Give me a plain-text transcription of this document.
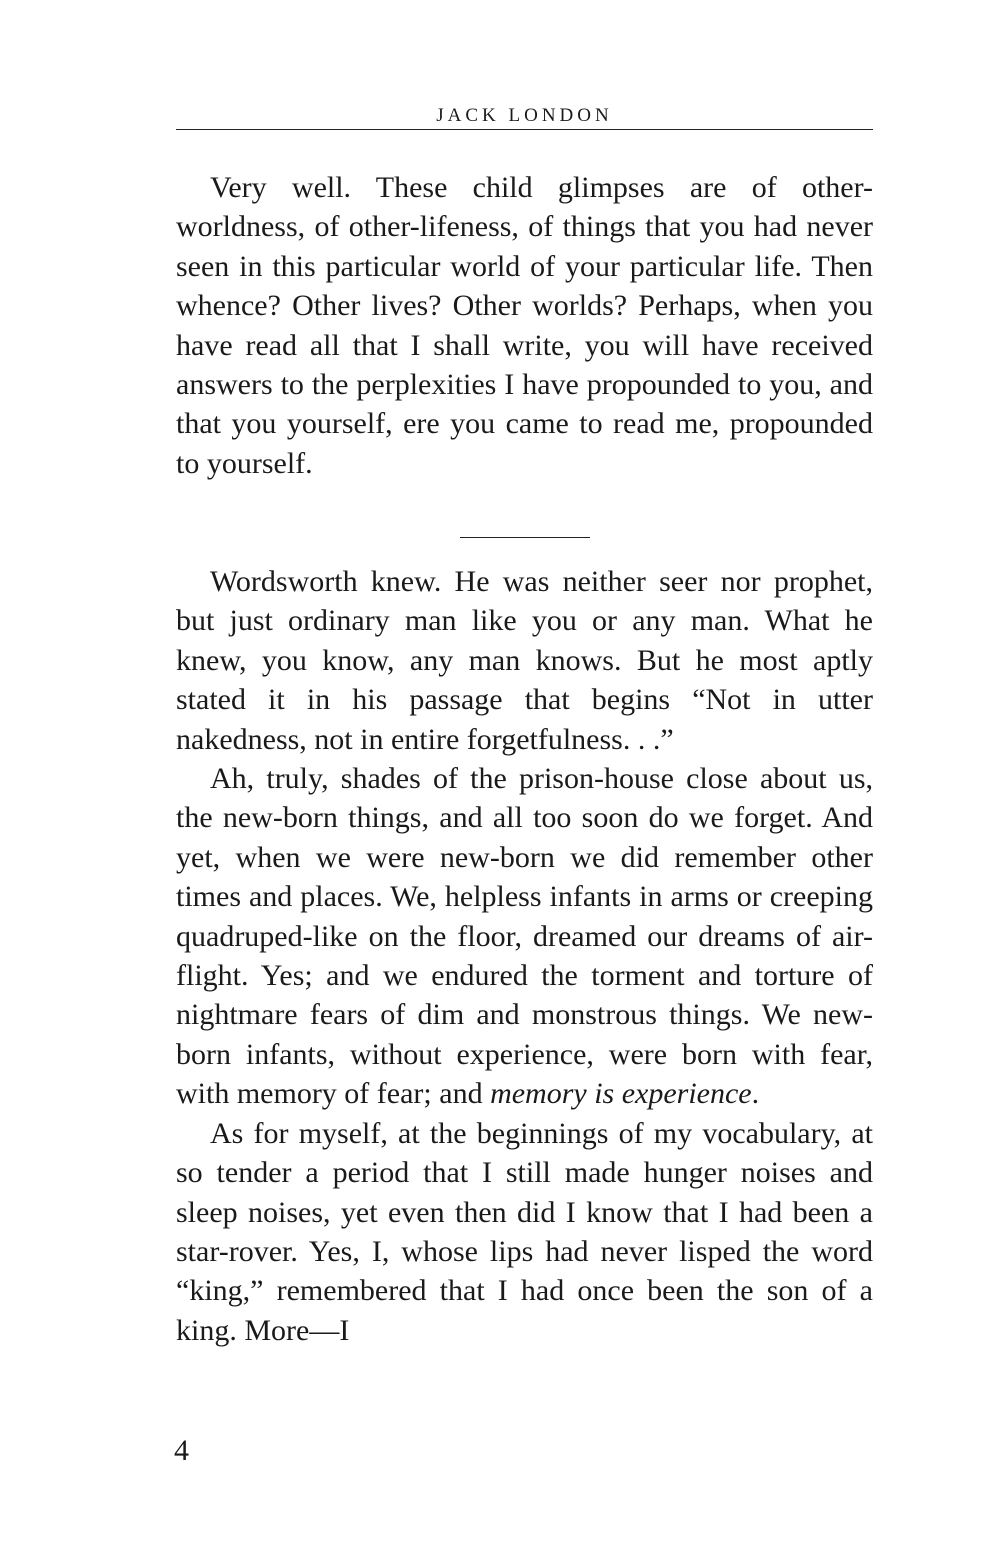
JACK LONDON

Very well. These child glimpses are of other-worldness, of other-lifeness, of things that you had never seen in this particular world of your particular life. Then whence? Other lives? Other worlds? Perhaps, when you have read all that I shall write, you will have received answers to the perplexities I have propounded to you, and that you yourself, ere you came to read me, propounded to yourself.

Wordsworth knew. He was neither seer nor prophet, but just ordinary man like you or any man. What he knew, you know, any man knows. But he most aptly stated it in his passage that begins “Not in utter nakedness, not in entire forgetfulness. . .”

Ah, truly, shades of the prison-house close about us, the new-born things, and all too soon do we forget. And yet, when we were new-born we did remember other times and places. We, helpless infants in arms or creeping quadruped-like on the floor, dreamed our dreams of air-flight. Yes; and we endured the torment and torture of nightmare fears of dim and monstrous things. We new-born infants, without experience, were born with fear, with memory of fear; and memory is experience.

As for myself, at the beginnings of my vocabulary, at so tender a period that I still made hunger noises and sleep noises, yet even then did I know that I had been a star-rover. Yes, I, whose lips had never lisped the word “king,” remembered that I had once been the son of a king. More—I

4
